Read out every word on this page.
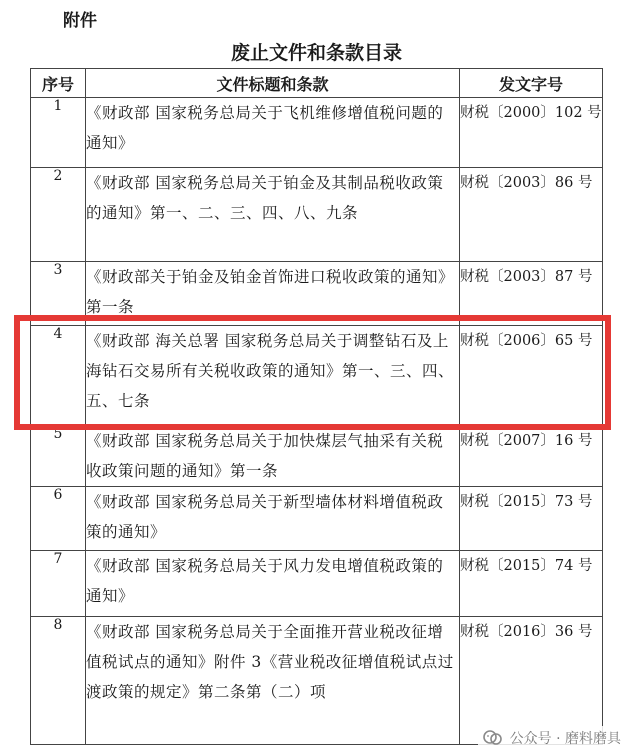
附件
废止文件和条款目录
序号	文件标题和条款	发文字号
1	《财政部 国家税务总局关于飞机维修增值税问题的通知》	财税〔2000〕102 号
2	《财政部 国家税务总局关于铂金及其制品税收政策的通知》第一、二、三、四、八、九条	财税〔2003〕86 号
3	《财政部关于铂金及铂金首饰进口税收政策的通知》第一条	财税〔2003〕87 号
4	《财政部 海关总署 国家税务总局关于调整钻石及上海钻石交易所有关税收政策的通知》第一、三、四、五、七条	财税〔2006〕65 号
5	《财政部 国家税务总局关于加快煤层气抽采有关税收政策问题的通知》第一条	财税〔2007〕16 号
6	《财政部 国家税务总局关于新型墙体材料增值税政策的通知》	财税〔2015〕73 号
7	《财政部 国家税务总局关于风力发电增值税政策的通知》	财税〔2015〕74 号
8	《财政部 国家税务总局关于全面推开营业税改征增值税试点的通知》附件 3《营业税改征增值税试点过渡政策的规定》第二条第（二）项	财税〔2016〕36 号
公众号 · 磨料磨具
